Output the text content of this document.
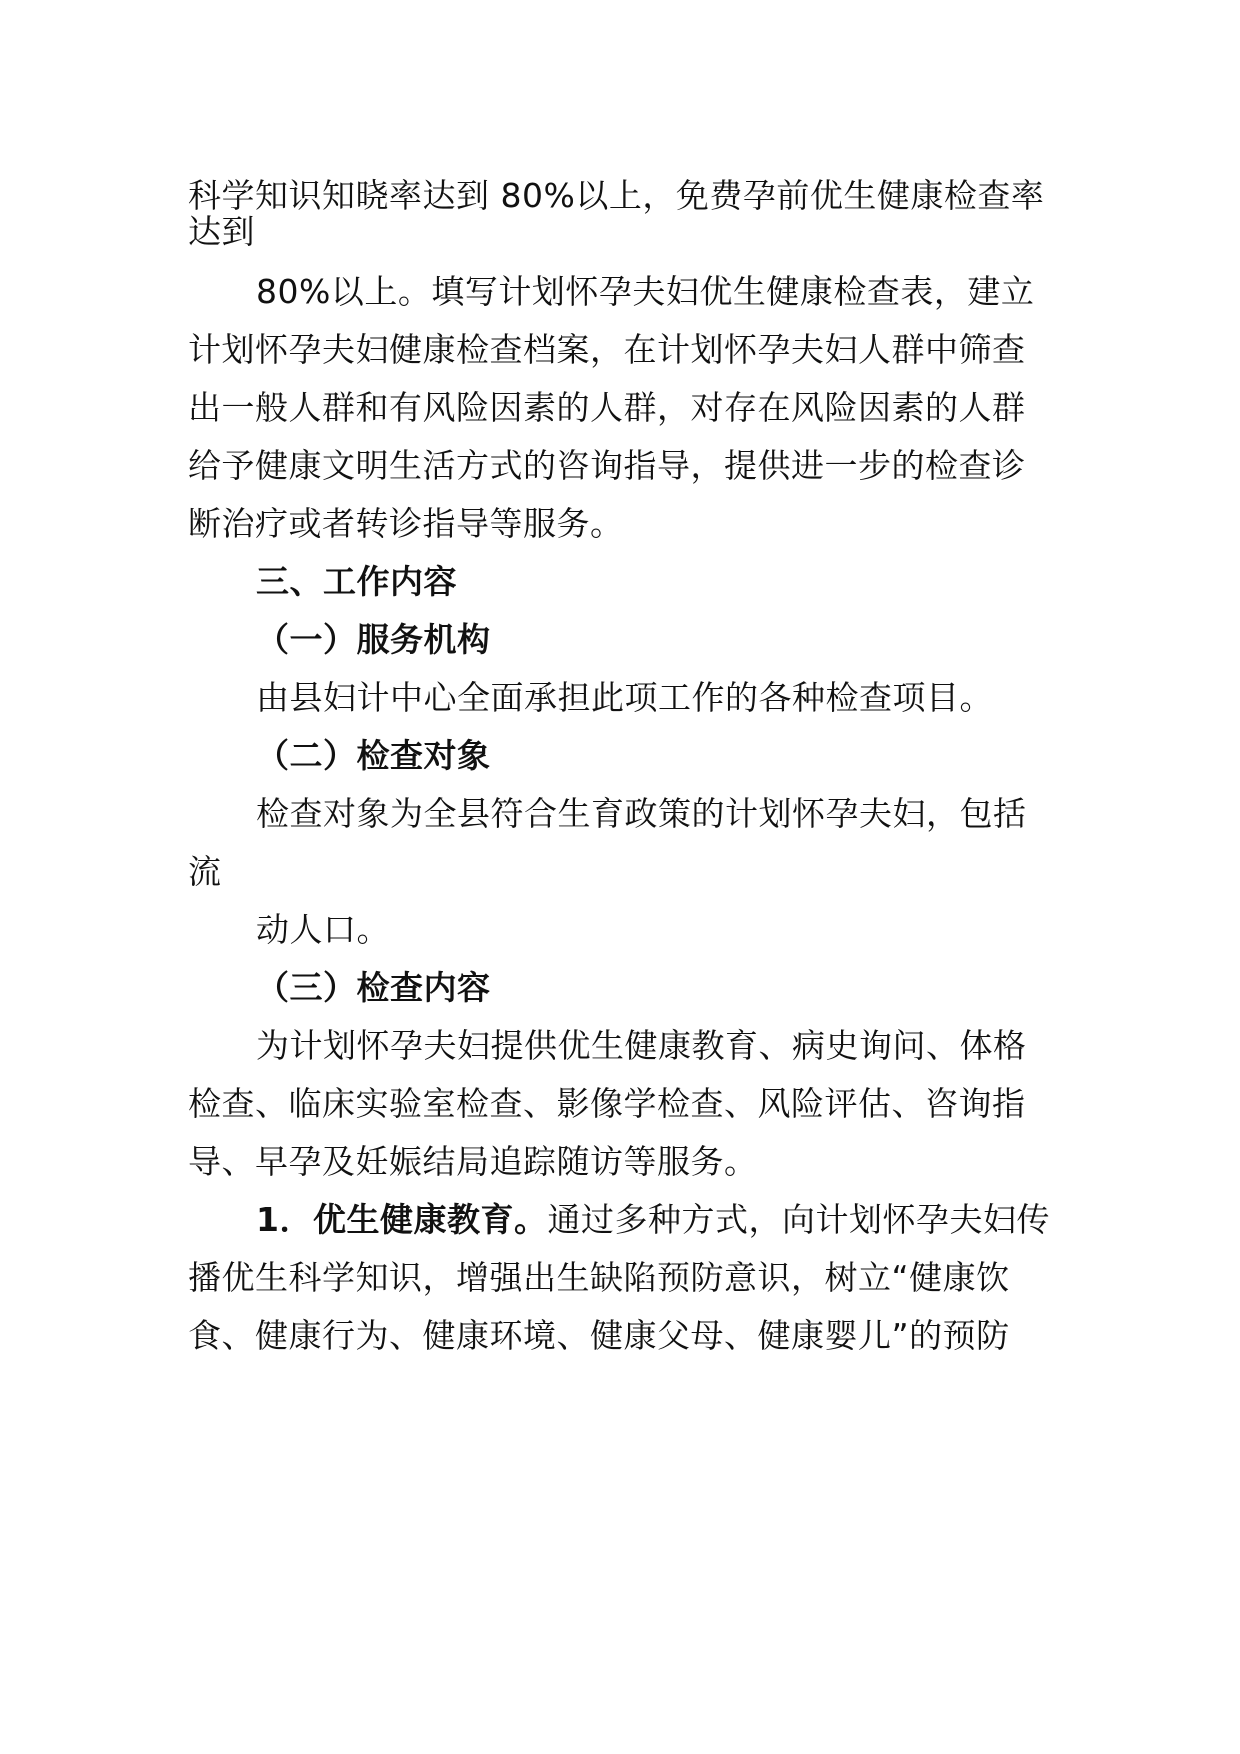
科学知识知晓率达到 80%以上，免费孕前优生健康检查率
达到
80%以上。填写计划怀孕夫妇优生健康检查表，建立
计划怀孕夫妇健康检查档案，在计划怀孕夫妇人群中筛查
出一般人群和有风险因素的人群，对存在风险因素的人群
给予健康文明生活方式的咨询指导，提供进一步的检查诊
断治疗或者转诊指导等服务。
三、工作内容
（一）服务机构
由县妇计中心全面承担此项工作的各种检查项目。
（二）检查对象
检查对象为全县符合生育政策的计划怀孕夫妇，包括
流
动人口。
（三）检查内容
为计划怀孕夫妇提供优生健康教育、病史询问、体格
检查、临床实验室检查、影像学检查、风险评估、咨询指
导、早孕及妊娠结局追踪随访等服务。
1．优生健康教育。通过多种方式，向计划怀孕夫妇传
播优生科学知识，增强出生缺陷预防意识，树立“健康饮
食、健康行为、健康环境、健康父母、健康婴儿”的预防
